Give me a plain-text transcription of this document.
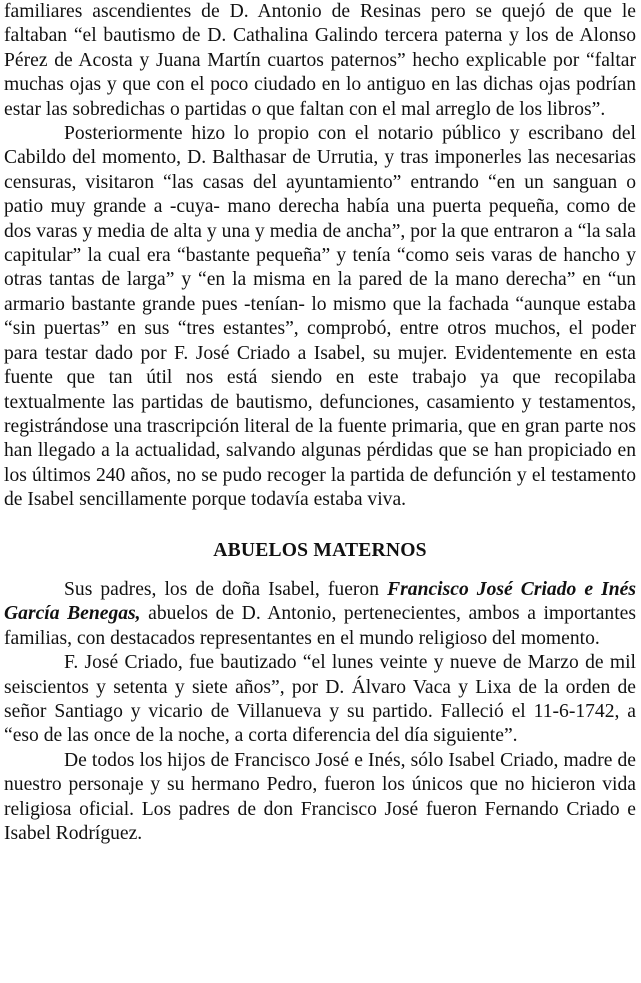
familiares ascendientes de D. Antonio de Resinas pero se quejó de que le faltaban “el bautismo de D. Cathalina Galindo tercera paterna y los de Alonso Pérez de Acosta y Juana Martín cuartos paternos” hecho explicable por “faltar muchas ojas y que con el poco ciudado en lo antiguo en las dichas ojas podrían estar las sobredichas o partidas o que faltan con el mal arreglo de los libros”.

Posteriormente hizo lo propio con el notario público y escribano del Cabildo del momento, D. Balthasar de Urrutia, y tras imponerles las necesarias censuras, visitaron “las casas del ayuntamiento” entrando “en un sanguan o patio muy grande a -cuya- mano derecha había una puerta pequeña, como de dos varas y media de alta y una y media de ancha”, por la que entraron a “la sala capitular” la cual era “bastante pequeña” y tenía “como seis varas de hancho y otras tantas de larga” y “en la misma en la pared de la mano derecha” en “un armario bastante grande pues -tenían- lo mismo que la fachada “aunque estaba “sin puertas” en sus “tres estantes”, comprobó, entre otros muchos, el poder para testar dado por F. José Criado a Isabel, su mujer. Evidentemente en esta fuente que tan útil nos está siendo en este trabajo ya que recopilaba textualmente las partidas de bautismo, defunciones, casamiento y testamentos, registrándose una trascripción literal de la fuente primaria, que en gran parte nos han llegado a la actualidad, salvando algunas pérdidas que se han propiciado en los últimos 240 años, no se pudo recoger la partida de defunción y el testamento de Isabel sencillamente porque todavía estaba viva.

ABUELOS MATERNOS

Sus padres, los de doña Isabel, fueron Francisco José Criado e Inés García Benegas, abuelos de D. Antonio, pertenecientes, ambos a importantes familias, con destacados representantes en el mundo religioso del momento.

F. José Criado, fue bautizado “el lunes veinte y nueve de Marzo de mil seiscientos y setenta y siete años”, por D. Álvaro Vaca y Lixa de la orden de señor Santiago y vicario de Villanueva y su partido. Falleció el 11-6-1742, a “eso de las once de la noche, a corta diferencia del día siguiente”.

De todos los hijos de Francisco José e Inés, sólo Isabel Criado, madre de nuestro personaje y su hermano Pedro, fueron los únicos que no hicieron vida religiosa oficial. Los padres de don Francisco José fueron Fernando Criado e Isabel Rodríguez.
